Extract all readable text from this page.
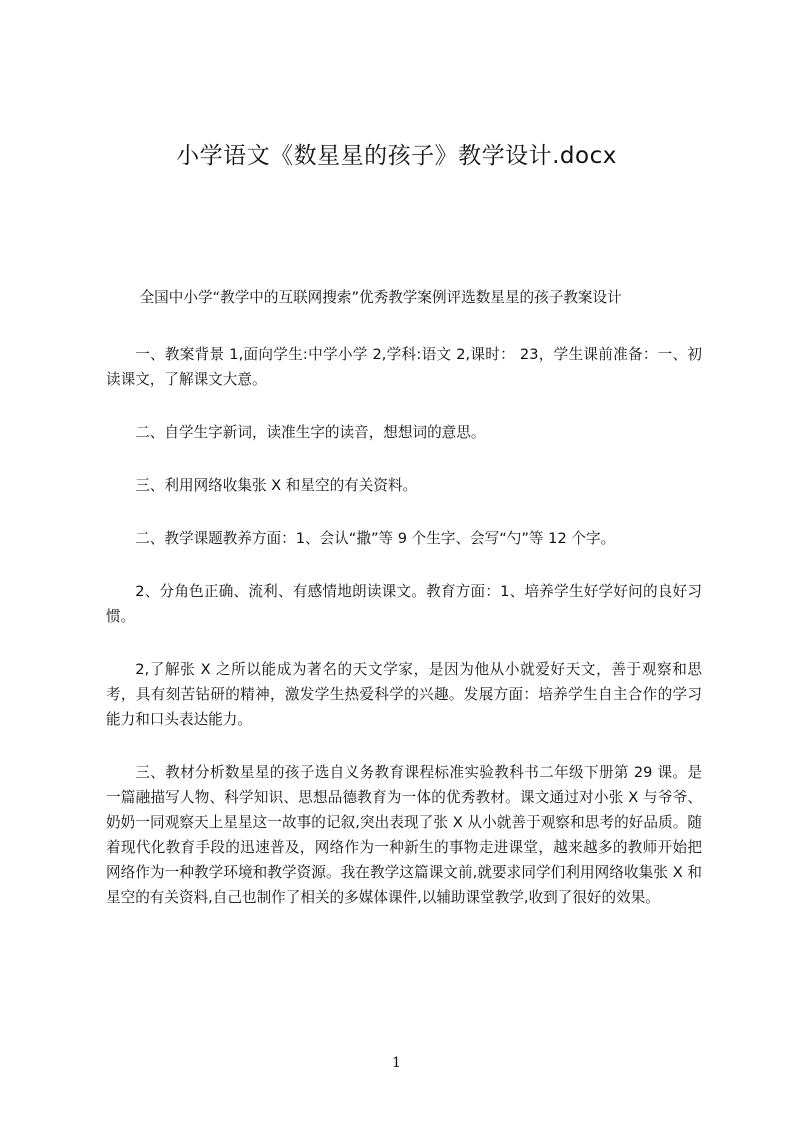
小学语文《数星星的孩子》教学设计.docx

全国中小学“教学中的互联网搜索”优秀教学案例评选数星星的孩子教案设计

一、教案背景 1,面向学生:中学小学 2,学科:语文 2,课时： 23，学生课前准备：一、初读课文，了解课文大意。

二、自学生字新词，读准生字的读音，想想词的意思。

三、利用网络收集张 X 和星空的有关资料。

二、教学课题教养方面：1、会认“撒”等 9 个生字、会写“勺”等 12 个字。

2、分角色正确、流利、有感情地朗读课文。教育方面：1、培养学生好学好问的良好习惯。

2,了解张 X 之所以能成为著名的天文学家，是因为他从小就爱好天文，善于观察和思考，具有刻苦钻研的精神，激发学生热爱科学的兴趣。发展方面：培养学生自主合作的学习能力和口头表达能力。

三、教材分析数星星的孩子选自义务教育课程标准实验教科书二年级下册第 29 课。是一篇融描写人物、科学知识、思想品德教育为一体的优秀教材。课文通过对小张 X 与爷爷、奶奶一同观察天上星星这一故事的记叙,突出表现了张 X 从小就善于观察和思考的好品质。随着现代化教育手段的迅速普及，网络作为一种新生的事物走进课堂，越来越多的教师开始把网络作为一种教学环境和教学资源。我在教学这篇课文前,就要求同学们利用网络收集张 X 和星空的有关资料,自己也制作了相关的多媒体课件,以辅助课堂教学,收到了很好的效果。

1
